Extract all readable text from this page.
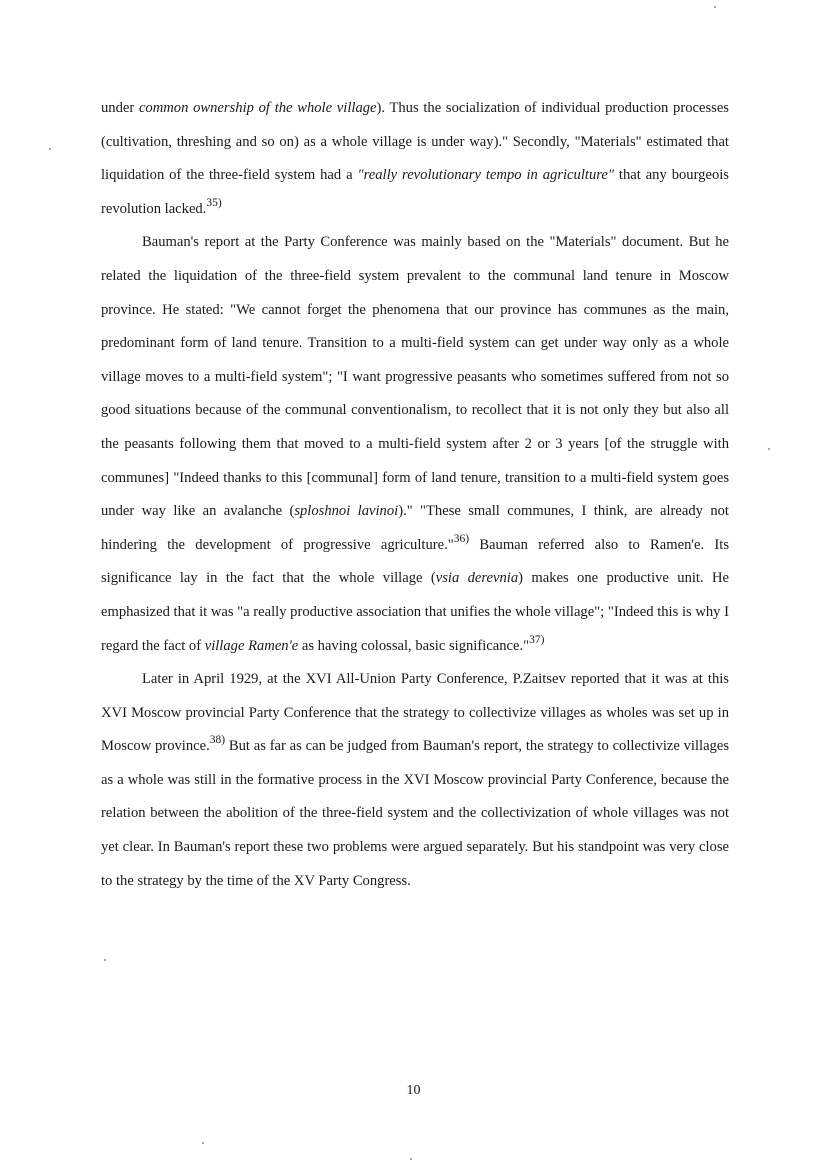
under common ownership of the whole village). Thus the socialization of individual production processes (cultivation, threshing and so on) as a whole village is under way)." Secondly, "Materials" estimated that liquidation of the three-field system had a "really revolutionary tempo in agriculture" that any bourgeois revolution lacked.$^{35)}$

Bauman's report at the Party Conference was mainly based on the "Materials" document. But he related the liquidation of the three-field system prevalent to the communal land tenure in Moscow province. He stated: "We cannot forget the phenomena that our province has communes as the main, predominant form of land tenure. Transition to a multi-field system can get under way only as a whole village moves to a multi-field system"; "I want progressive peasants who sometimes suffered from not so good situations because of the communal conventionalism, to recollect that it is not only they but also all the peasants following them that moved to a multi-field system after 2 or 3 years [of the struggle with communes] "Indeed thanks to this [communal] form of land tenure, transition to a multi-field system goes under way like an avalanche (sploshnoi lavinoi)." "These small communes, I think, are already not hindering the development of progressive agriculture."$^{36)}$ Bauman referred also to Ramen'e. Its significance lay in the fact that the whole village (vsia derevnia) makes one productive unit. He emphasized that it was "a really productive association that unifies the whole village"; "Indeed this is why I regard the fact of village Ramen'e as having colossal, basic significance."$^{37)}$

Later in April 1929, at the XVI All-Union Party Conference, P.Zaitsev reported that it was at this XVI Moscow provincial Party Conference that the strategy to collectivize villages as wholes was set up in Moscow province.$^{38)}$ But as far as can be judged from Bauman's report, the strategy to collectivize villages as a whole was still in the formative process in the XVI Moscow provincial Party Conference, because the relation between the abolition of the three-field system and the collectivization of whole villages was not yet clear. In Bauman's report these two problems were argued separately. But his standpoint was very close to the strategy by the time of the XV Party Congress.

10
